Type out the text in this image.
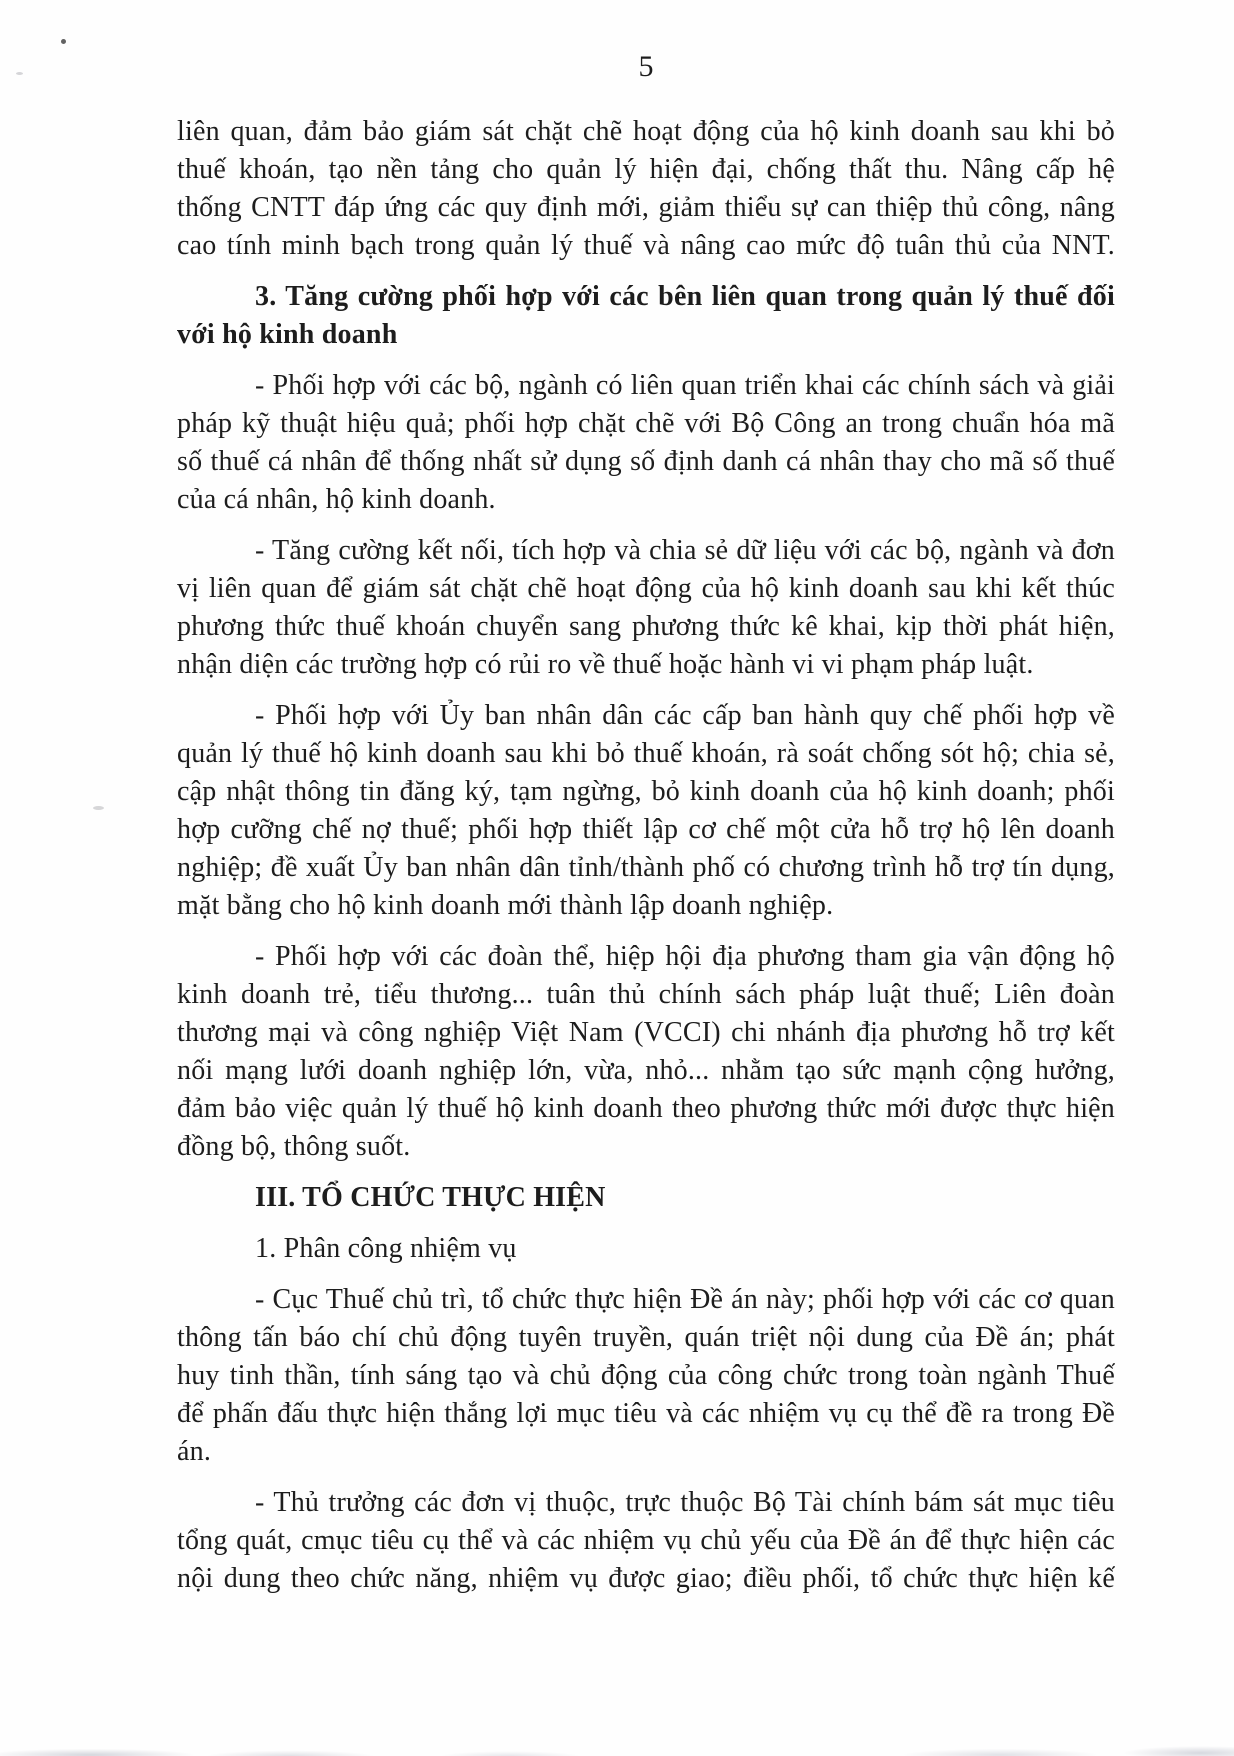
5
liên quan, đảm bảo giám sát chặt chẽ hoạt động của hộ kinh doanh sau khi bỏ
thuế khoán, tạo nền tảng cho quản lý hiện đại, chống thất thu. Nâng cấp hệ
thống CNTT đáp ứng các quy định mới, giảm thiểu sự can thiệp thủ công, nâng
cao tính minh bạch trong quản lý thuế và nâng cao mức độ tuân thủ của NNT.
3. Tăng cường phối hợp với các bên liên quan trong quản lý thuế đối
với hộ kinh doanh
- Phối hợp với các bộ, ngành có liên quan triển khai các chính sách và giải
pháp kỹ thuật hiệu quả; phối hợp chặt chẽ với Bộ Công an trong chuẩn hóa mã
số thuế cá nhân để thống nhất sử dụng số định danh cá nhân thay cho mã số thuế
của cá nhân, hộ kinh doanh.
- Tăng cường kết nối, tích hợp và chia sẻ dữ liệu với các bộ, ngành và đơn
vị liên quan để giám sát chặt chẽ hoạt động của hộ kinh doanh sau khi kết thúc
phương thức thuế khoán chuyển sang phương thức kê khai, kịp thời phát hiện,
nhận diện các trường hợp có rủi ro về thuế hoặc hành vi vi phạm pháp luật.
- Phối hợp với Ủy ban nhân dân các cấp ban hành quy chế phối hợp về
quản lý thuế hộ kinh doanh sau khi bỏ thuế khoán, rà soát chống sót hộ; chia sẻ,
cập nhật thông tin đăng ký, tạm ngừng, bỏ kinh doanh của hộ kinh doanh; phối
hợp cưỡng chế nợ thuế; phối hợp thiết lập cơ chế một cửa hỗ trợ hộ lên doanh
nghiệp; đề xuất Ủy ban nhân dân tỉnh/thành phố có chương trình hỗ trợ tín dụng,
mặt bằng cho hộ kinh doanh mới thành lập doanh nghiệp.
- Phối hợp với các đoàn thể, hiệp hội địa phương tham gia vận động hộ
kinh doanh trẻ, tiểu thương... tuân thủ chính sách pháp luật thuế; Liên đoàn
thương mại và công nghiệp Việt Nam (VCCI) chi nhánh địa phương hỗ trợ kết
nối mạng lưới doanh nghiệp lớn, vừa, nhỏ... nhằm tạo sức mạnh cộng hưởng,
đảm bảo việc quản lý thuế hộ kinh doanh theo phương thức mới được thực hiện
đồng bộ, thông suốt.
III. TỔ CHỨC THỰC HIỆN
1. Phân công nhiệm vụ
- Cục Thuế chủ trì, tổ chức thực hiện Đề án này; phối hợp với các cơ quan
thông tấn báo chí chủ động tuyên truyền, quán triệt nội dung của Đề án; phát
huy tinh thần, tính sáng tạo và chủ động của công chức trong toàn ngành Thuế
để phấn đấu thực hiện thắng lợi mục tiêu và các nhiệm vụ cụ thể đề ra trong Đề
án.
- Thủ trưởng các đơn vị thuộc, trực thuộc Bộ Tài chính bám sát mục tiêu
tổng quát, cmục tiêu cụ thể và các nhiệm vụ chủ yếu của Đề án để thực hiện các
nội dung theo chức năng, nhiệm vụ được giao; điều phối, tổ chức thực hiện kế
